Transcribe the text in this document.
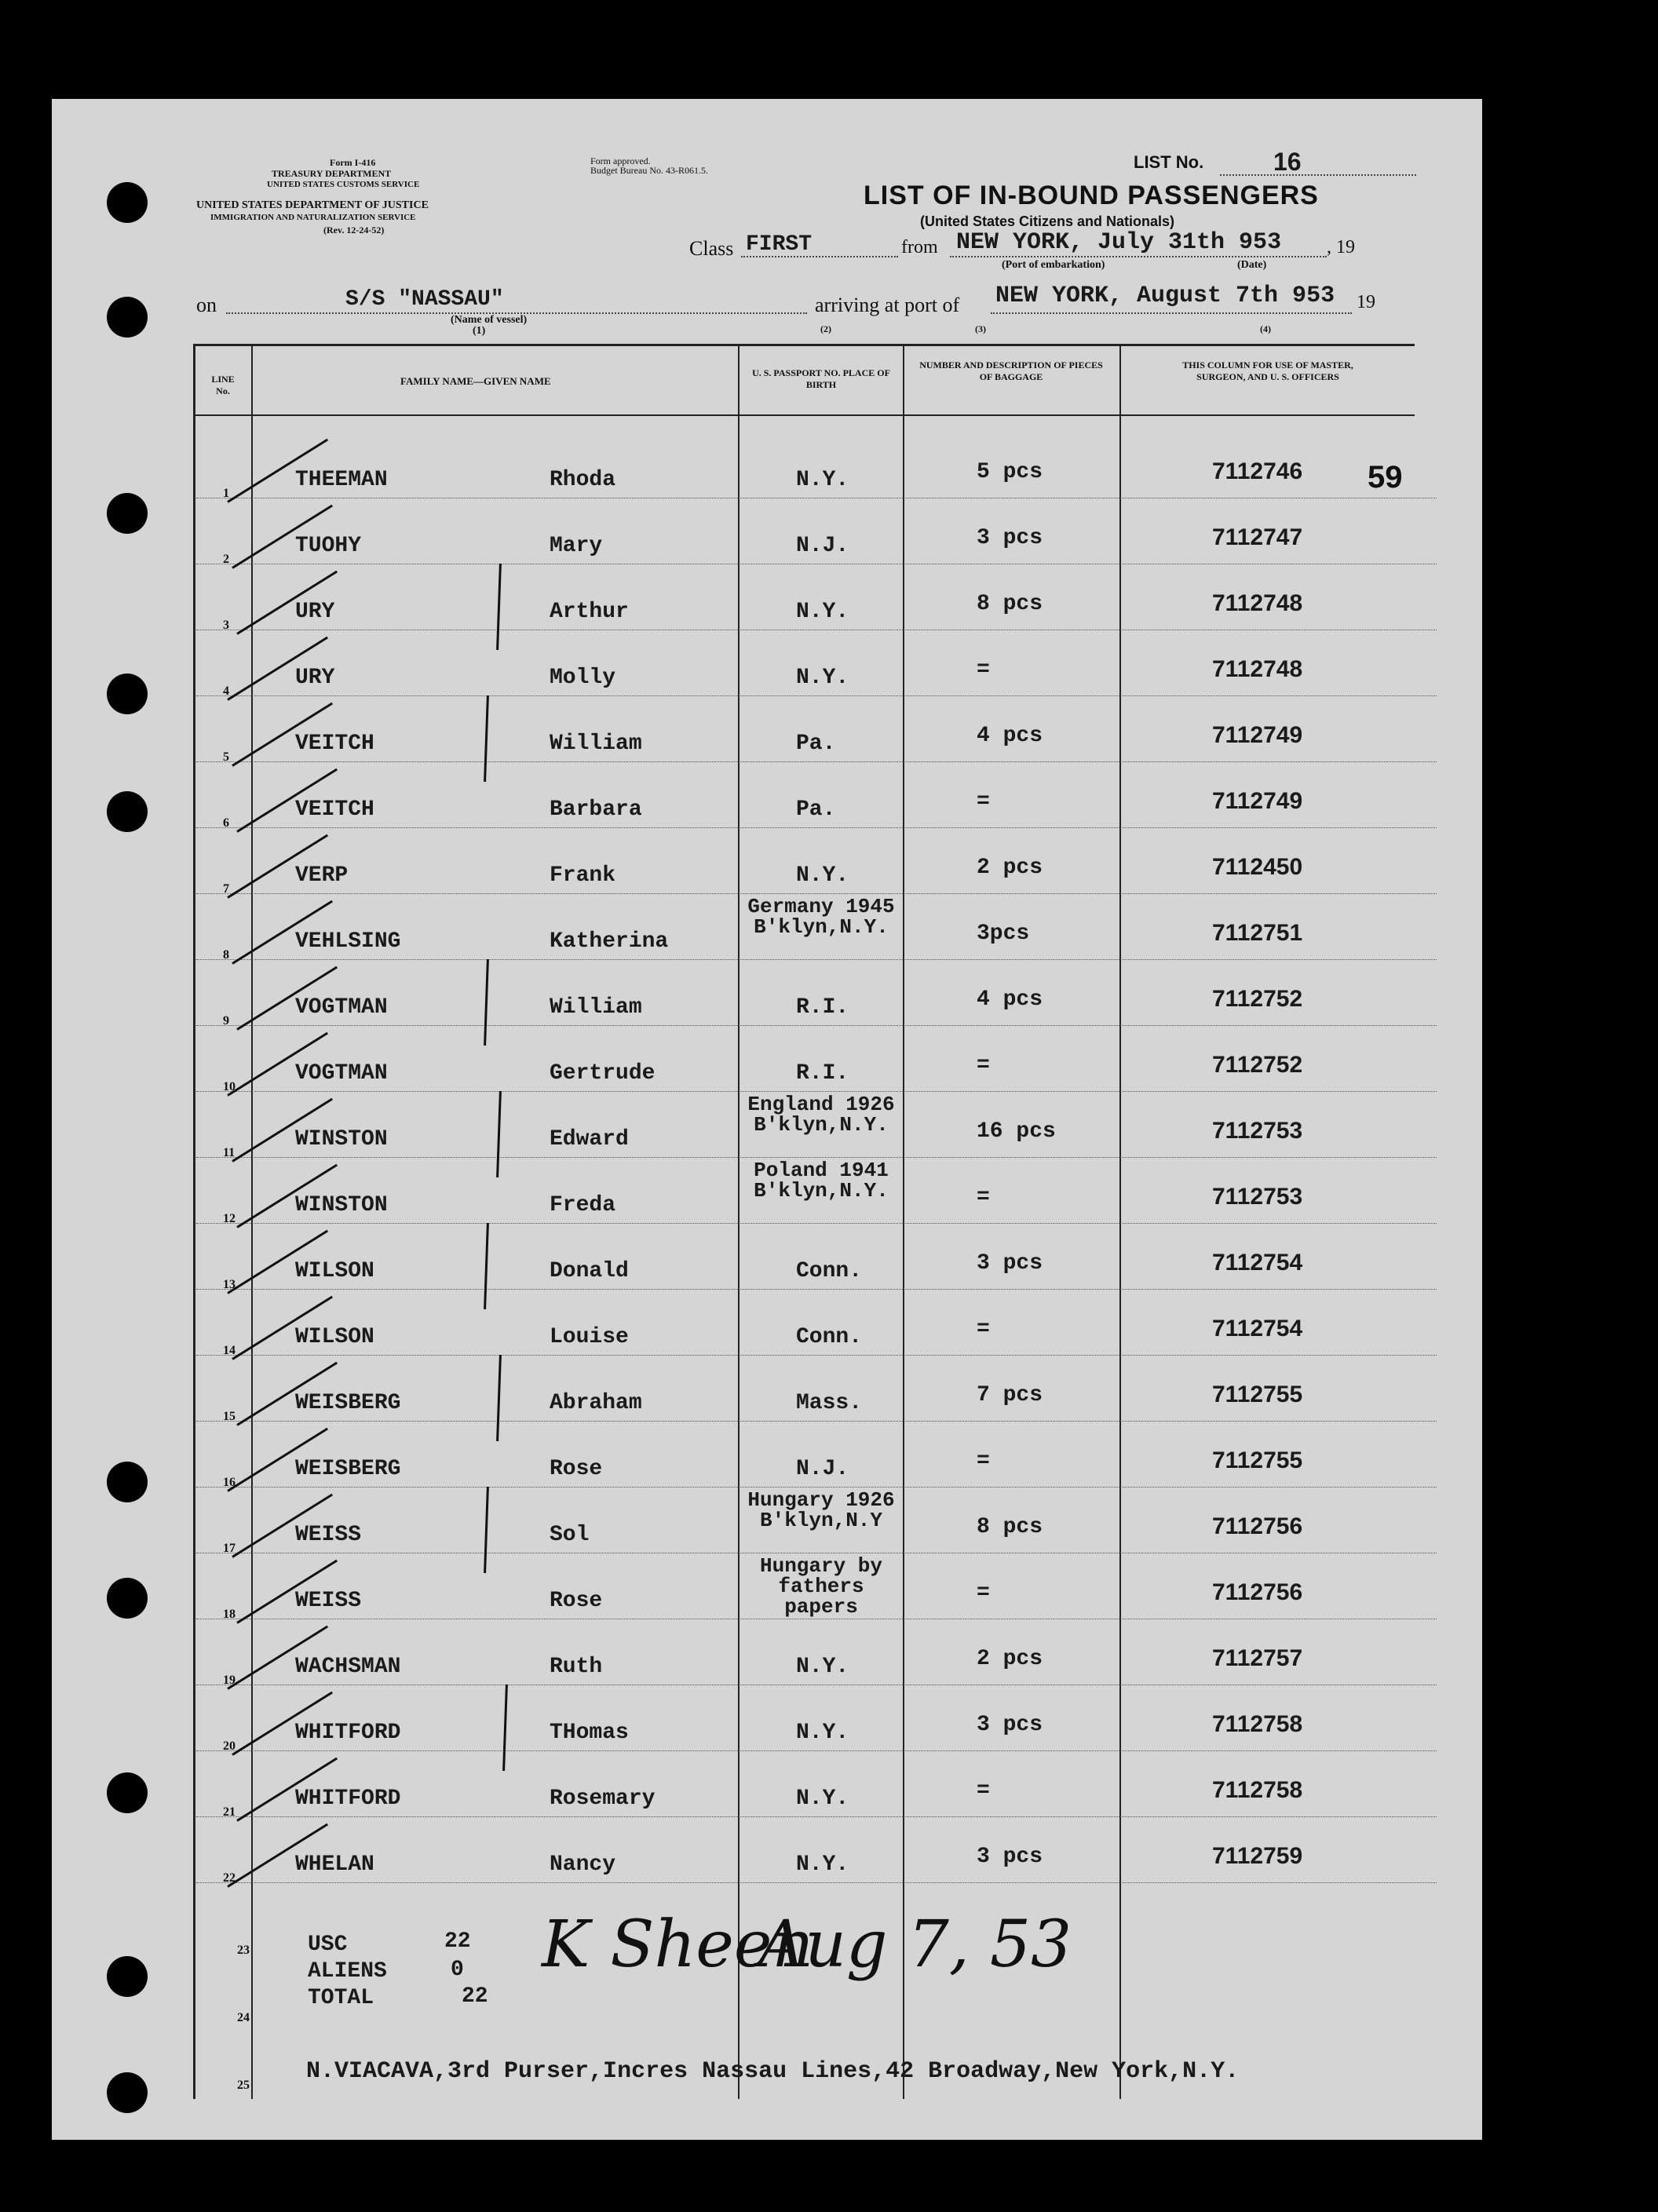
Form I-416
TREASURY DEPARTMENT
UNITED STATES CUSTOMS SERVICE
UNITED STATES DEPARTMENT OF JUSTICE
IMMIGRATION AND NATURALIZATION SERVICE
(Rev. 12-24-52)
Form approved.
Budget Bureau No. 43-R061.5.	LIST No.	16
LIST OF IN-BOUND PASSENGERS
(United States Citizens and Nationals)
Class FIRST	from NEW YORK, July 31th 953 , 19
(Port of embarkation)	(Date)
on	S/S "NASSAU"
(Name of vessel)
(1)
arriving at port of NEW YORK, August 7th 953 19
(2)	(3)	(4)
LINE No.
FAMILY NAME—GIVEN NAME
U. S. PASSPORT NO. PLACE OF BIRTH
NUMBER AND DESCRIPTION OF PIECES OF BAGGAGE
THIS COLUMN FOR USE OF MASTER, SURGEON, AND U. S. OFFICERS
1
THEEMAN	Rhoda	N.Y.	5 pcs	7112746
2
TUOHY	Mary	N.J.	3 pcs	7112747
3
URY	Arthur	N.Y.	8 pcs	7112748
4
URY	Molly	N.Y.	=	7112748
5
VEITCH	William	Pa.	4 pcs	7112749
6
VEITCH	Barbara	Pa.	=	7112749
7
VERP	Frank	N.Y.	2 pcs	7112450
8
VEHLSING	Katherina
Germany 1945 B'klyn,N.Y.	3pcs	7112751
9
VOGTMAN	William	R.I.	4 pcs	7112752
10
VOGTMAN	Gertrude	R.I.	=	7112752
11
WINSTON	Edward
England 1926 B'klyn,N.Y.	16 pcs	7112753
12
WINSTON	Freda
Poland 1941 B'klyn,N.Y.	=	7112753
13
WILSON	Donald	Conn.	3 pcs	7112754
14
WILSON	Louise	Conn.	=	7112754
15
WEISBERG	Abraham	Mass.	7 pcs	7112755
16
WEISBERG	Rose	N.J.	=	7112755
17
WEISS	Sol
Hungary 1926 B'klyn,N.Y	8 pcs	7112756
18
WEISS	Rose
Hungary by fathers papers
=	7112756
19
WACHSMAN	Ruth	N.Y.	2 pcs	7112757
20
WHITFORD	THomas	N.Y.	3 pcs	7112758
21
WHITFORD	Rosemary	N.Y.	=	7112758
22
WHELAN	Nancy	N.Y.	3 pcs	7112759
59
23
24
25
USC	22
ALIENS	0
TOTAL	22
K Sheen
Aug 7, 53
N.VIACAVA,3rd Purser,Incres Nassau Lines,42 Broadway,New York,N.Y.
